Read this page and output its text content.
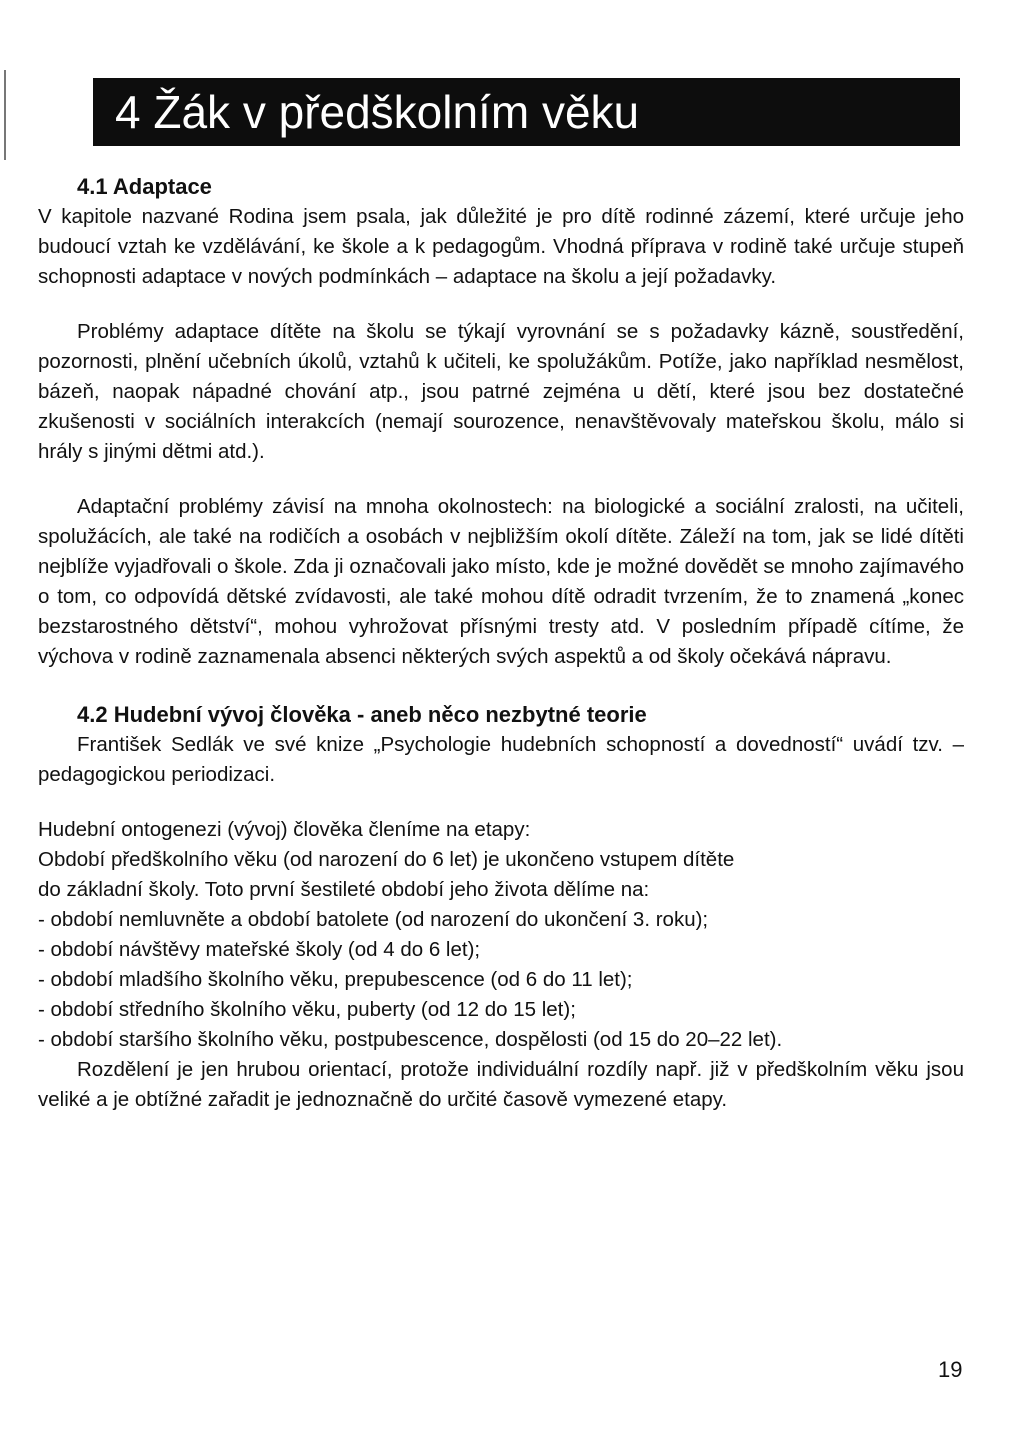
4 Žák v předškolním věku
4.1 Adaptace

V kapitole nazvané Rodina jsem psala, jak důležité je pro dítě rodinné zázemí, které určuje jeho budoucí vztah ke vzdělávání, ke škole a k pedagogům. Vhodná příprava v rodině také určuje stupeň schopnosti adaptace v nových podmínkách – adaptace na školu a její požadavky.

Problémy adaptace dítěte na školu se týkají vyrovnání se s požadavky kázně, soustředění, pozornosti, plnění učebních úkolů, vztahů k učiteli, ke spolužákům. Potíže, jako například nesmělost, bázeň, naopak nápadné chování atp., jsou patrné zejména u dětí, které jsou bez dostatečné zkušenosti v sociálních interakcích (nemají sourozence, nenavštěvovaly mateřskou školu, málo si hrály s jinými dětmi atd.).

Adaptační problémy závisí na mnoha okolnostech: na biologické a sociální zralosti, na učiteli, spolužácích, ale také na rodičích a osobách v nejbližším okolí dítěte. Záleží na tom, jak se lidé dítěti nejblíže vyjadřovali o škole. Zda ji označovali jako místo, kde je možné dovědět se mnoho zajímavého o tom, co odpovídá dětské zvídavosti, ale také mohou dítě odradit tvrzením, že to znamená „konec bezstarostného dětství“, mohou vyhrožovat přísnými tresty atd. V posledním případě cítíme, že výchova v rodině zaznamenala absenci některých svých aspektů a od školy očekává nápravu.

4.2 Hudební vývoj člověka - aneb něco nezbytné teorie

František Sedlák ve své knize „Psychologie hudebních schopností a dovedností“ uvádí tzv. – pedagogickou periodizaci.

Hudební ontogenezi (vývoj) člověka členíme na etapy:

Období předškolního věku (od narození do 6 let) je ukončeno vstupem dítěte

do základní školy. Toto první šestileté období jeho života dělíme na:

- období nemluvněte a období batolete (od narození do ukončení 3. roku);
- období návštěvy mateřské školy (od 4 do 6 let);
- období mladšího školního věku, prepubescence (od 6 do 11 let);
- období středního školního věku, puberty (od 12 do 15 let);
- období staršího školního věku, postpubescence, dospělosti (od 15 do 20–22 let).

Rozdělení je jen hrubou orientací, protože individuální rozdíly např. již v předškolním věku jsou veliké a je obtížné zařadit je jednoznačně do určité časově vymezené etapy.

19
